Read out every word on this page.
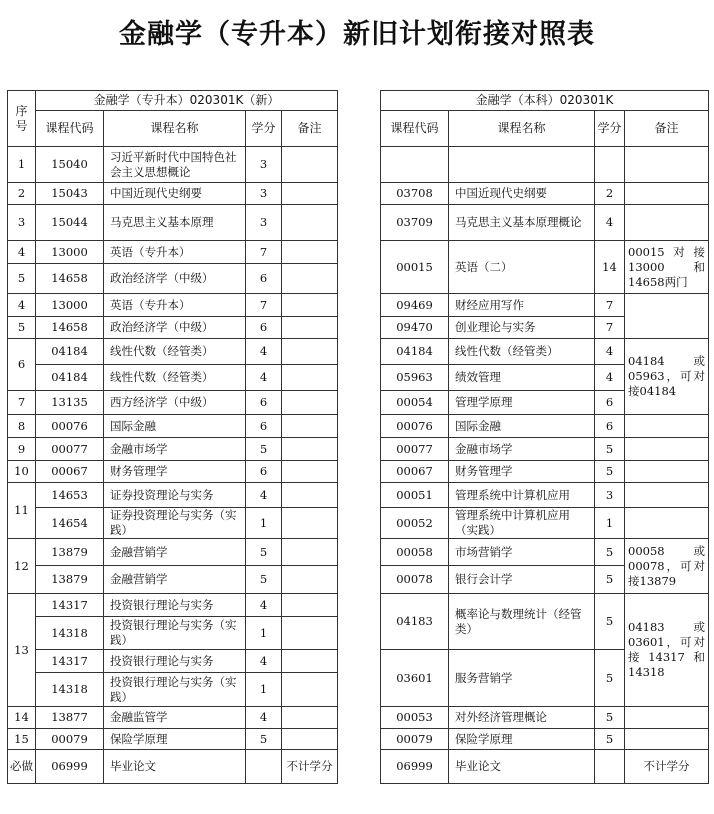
金融学（专升本）新旧计划衔接对照表
序号	金融学（专升本）020301K（新）			
	课程代码	课程名称	学分	备注
1	15040	习近平新时代中国特色社会主义思想概论	3	
2	15043	中国近现代史纲要	3	
3	15044	马克思主义基本原理	3	
4	13000	英语（专升本）	7	
5	14658	政治经济学（中级）	6	
4	13000	英语（专升本）	7	
5	14658	政治经济学（中级）	6	
6	04184	线性代数（经管类）	4	
	04184	线性代数（经管类）	4	
7	13135	西方经济学（中级）	6	
8	00076	国际金融	6	
9	00077	金融市场学	5	
10	00067	财务管理学	6	
11	14653	证券投资理论与实务	4	
	14654	证券投资理论与实务（实践）	1	
12	13879	金融营销学	5	
	13879	金融营销学	5	
13	14317	投资银行理论与实务	4	
	14318	投资银行理论与实务（实践）	1	
	14317	投资银行理论与实务	4	
	14318	投资银行理论与实务（实践）	1	
14	13877	金融监管学	4	
15	00079	保险学原理	5	
必做	06999	毕业论文		不计学分
金融学（本科）020301K			
课程代码	课程名称	学分	备注

03708	中国近现代史纲要	2	
03709	马克思主义基本原理概论	4	
00015	英语（二）	14	00015对接13000和14658两门

09469	财经应用写作	7	
09470	创业理论与实务	7	
04184	线性代数（经管类）	4	04184或05963，可对接04184
05963	绩效管理	4	
00054	管理学原理	6	
00076	国际金融	6	
00077	金融市场学	5	
00067	财务管理学	5	
00051	管理系统中计算机应用	3	
00052	管理系统中计算机应用（实践）	1	
00058	市场营销学	5	00058或00078，可对接13879
00078	银行会计学	5	
04183	概率论与数理统计（经管类）	5	04183或03601，可对接14317和14318

03601	服务营销学	5	

00053	对外经济管理概论	5	
00079	保险学原理	5	
06999	毕业论文		不计学分
